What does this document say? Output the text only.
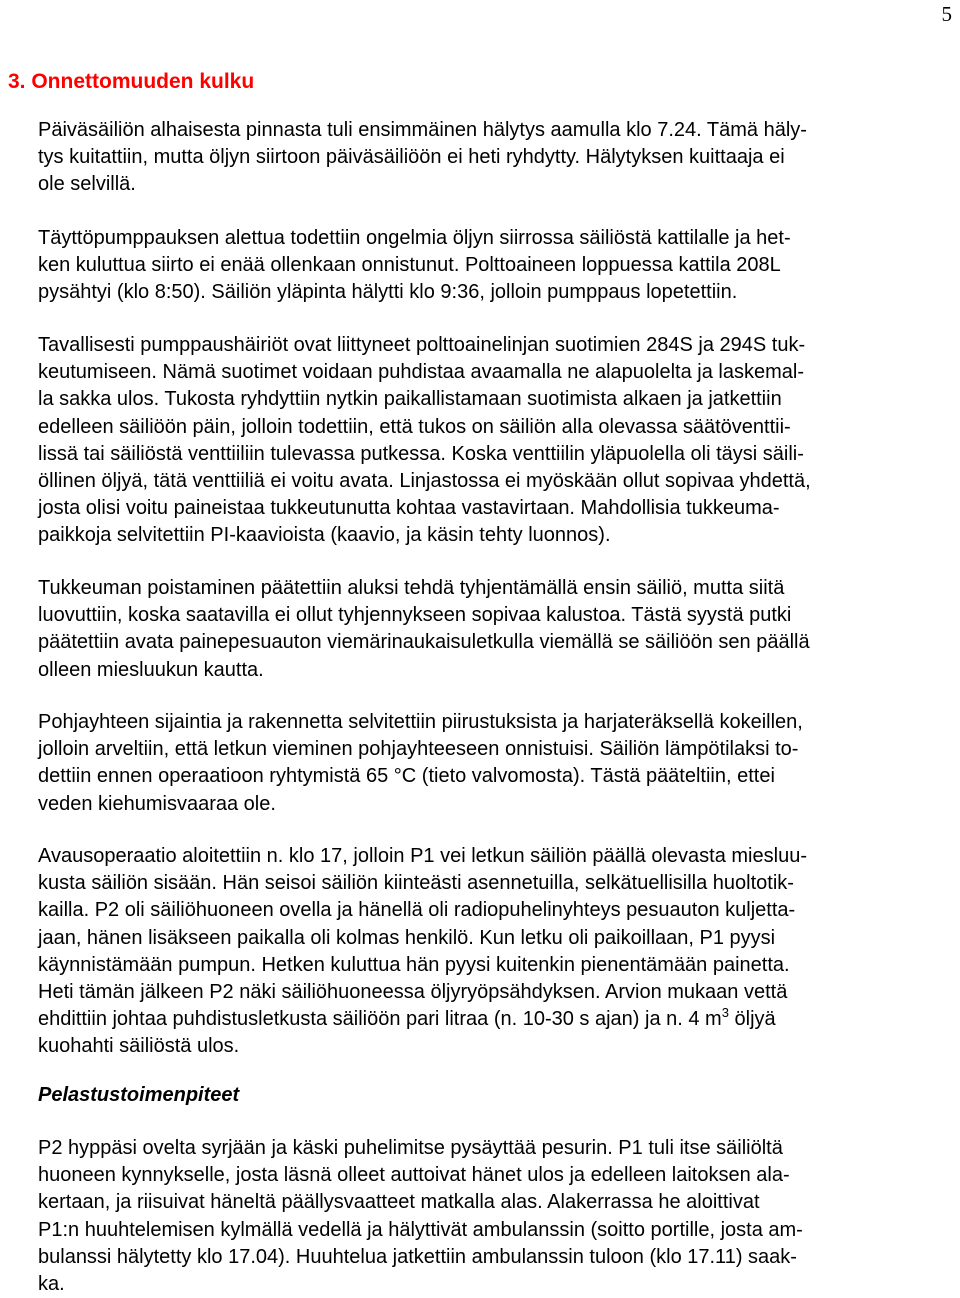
5
3. Onnettomuuden kulku

Päiväsäiliön alhaisesta pinnasta tuli ensimmäinen hälytys aamulla klo 7.24. Tämä häly-
tys kuitattiin, mutta öljyn siirtoon päiväsäiliöön ei heti ryhdytty. Hälytyksen kuittaaja ei
ole selvillä.

Täyttöpumppauksen alettua todettiin ongelmia öljyn siirrossa säiliöstä kattilalle ja het-
ken kuluttua siirto ei enää ollenkaan onnistunut. Polttoaineen loppuessa kattila 208L
pysähtyi (klo 8:50). Säiliön yläpinta hälytti klo 9:36, jolloin pumppaus lopetettiin.

Tavallisesti pumppaushäiriöt ovat liittyneet polttoainelinjan suotimien 284S ja 294S tuk-
keutumiseen. Nämä suotimet voidaan puhdistaa avaamalla ne alapuolelta ja laskemal-
la sakka ulos. Tukosta ryhdyttiin nytkin paikallistamaan suotimista alkaen ja jatkettiin
edelleen säiliöön päin, jolloin todettiin, että tukos on säiliön alla olevassa säätöventtii-
lissä tai säiliöstä venttiiliin tulevassa putkessa. Koska venttiilin yläpuolella oli täysi säili-
öllinen öljyä, tätä venttiiliä ei voitu avata. Linjastossa ei myöskään ollut sopivaa yhdettä,
josta olisi voitu paineistaa tukkeutunutta kohtaa vastavirtaan. Mahdollisia tukkeuma-
paikkoja selvitettiin PI-kaavioista (kaavio, ja käsin tehty luonnos).

Tukkeuman poistaminen päätettiin aluksi tehdä tyhjentämällä ensin säiliö, mutta siitä
luovuttiin, koska saatavilla ei ollut tyhjennykseen sopivaa kalustoa. Tästä syystä putki
päätettiin avata painepesuauton viemärinaukaisuletkulla viemällä se säiliöön sen päällä
olleen miesluukun kautta.

Pohjayhteen sijaintia ja rakennetta selvitettiin piirustuksista ja harjateräksellä kokeillen,
jolloin arveltiin, että letkun vieminen pohjayhteeseen onnistuisi. Säiliön lämpötilaksi to-
dettiin ennen operaatioon ryhtymistä 65 °C (tieto valvomosta). Tästä pääteltiin, ettei
veden kiehumisvaaraa ole.

Avausoperaatio aloitettiin n. klo 17, jolloin P1 vei letkun säiliön päällä olevasta miesluu-
kusta säiliön sisään. Hän seisoi säiliön kiinteästi asennetuilla, selkätuellisilla huoltotik-
kailla. P2 oli säiliöhuoneen ovella ja hänellä oli radiopuhelinyhteys pesuauton kuljetta-
jaan, hänen lisäkseen paikalla oli kolmas henkilö. Kun letku oli paikoillaan, P1 pyysi
käynnistämään pumpun. Hetken kuluttua hän pyysi kuitenkin pienentämään painetta.
Heti tämän jälkeen P2 näki säiliöhuoneessa öljyryöpsähdyksen. Arvion mukaan vettä
ehdittiin johtaa puhdistusletkusta säiliöön pari litraa (n. 10-30 s ajan) ja n. 4 $m^3$ öljyä
kuohahti säiliöstä ulos.

Pelastustoimenpiteet

P2 hyppäsi ovelta syrjään ja käski puhelimitse pysäyttää pesurin. P1 tuli itse säiliöltä
huoneen kynnykselle, josta läsnä olleet auttoivat hänet ulos ja edelleen laitoksen ala-
kertaan, ja riisuivat häneltä päällysvaatteet matkalla alas. Alakerrassa he aloittivat
P1:n huuhtelemisen kylmällä vedellä ja hälyttivät ambulanssin (soitto portille, josta am-
bulanssi hälytetty klo 17.04). Huuhtelua jatkettiin ambulanssin tuloon (klo 17.11) saak-
ka.
